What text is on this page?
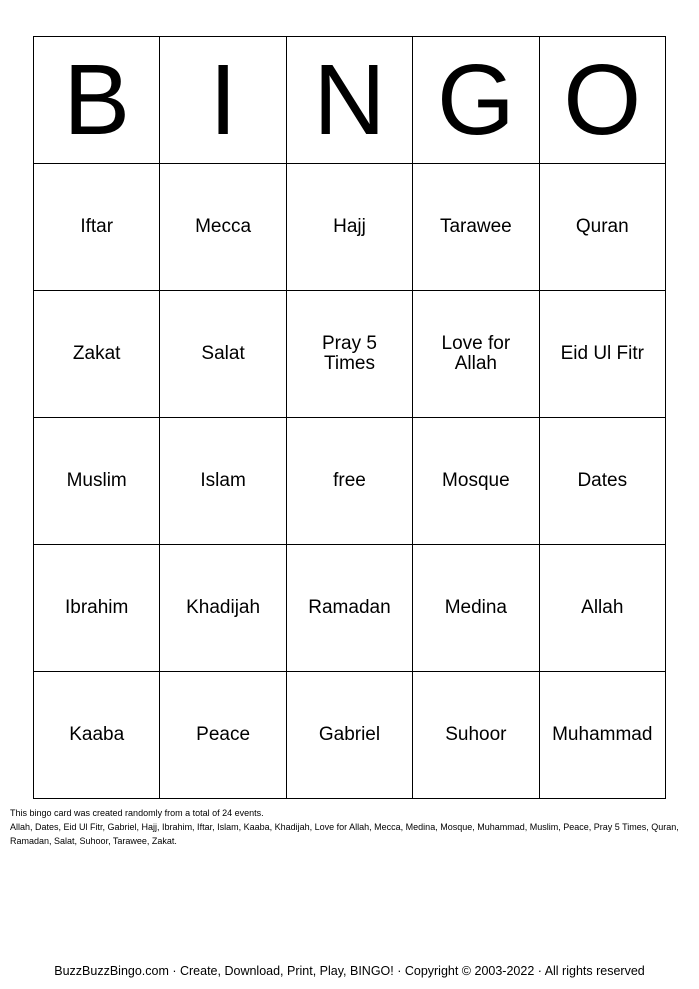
B	I	N	G	O
Iftar	Mecca	Hajj	Tarawee	Quran
Zakat	Salat	Pray 5 Times	Love for Allah	Eid Ul Fitr
Muslim	Islam	free	Mosque	Dates
Ibrahim	Khadijah	Ramadan	Medina	Allah
Kaaba	Peace	Gabriel	Suhoor	Muhammad

This bingo card was created randomly from a total of 24 events.

Allah, Dates, Eid Ul Fitr, Gabriel, Hajj, Ibrahim, Iftar, Islam, Kaaba, Khadijah, Love for Allah, Mecca, Medina, Mosque, Muhammad, Muslim, Peace, Pray 5 Times, Quran, Ramadan, Salat, Suhoor, Tarawee, Zakat.

BuzzBuzzBingo.com · Create, Download, Print, Play, BINGO! · Copyright © 2003-2022 · All rights reserved
